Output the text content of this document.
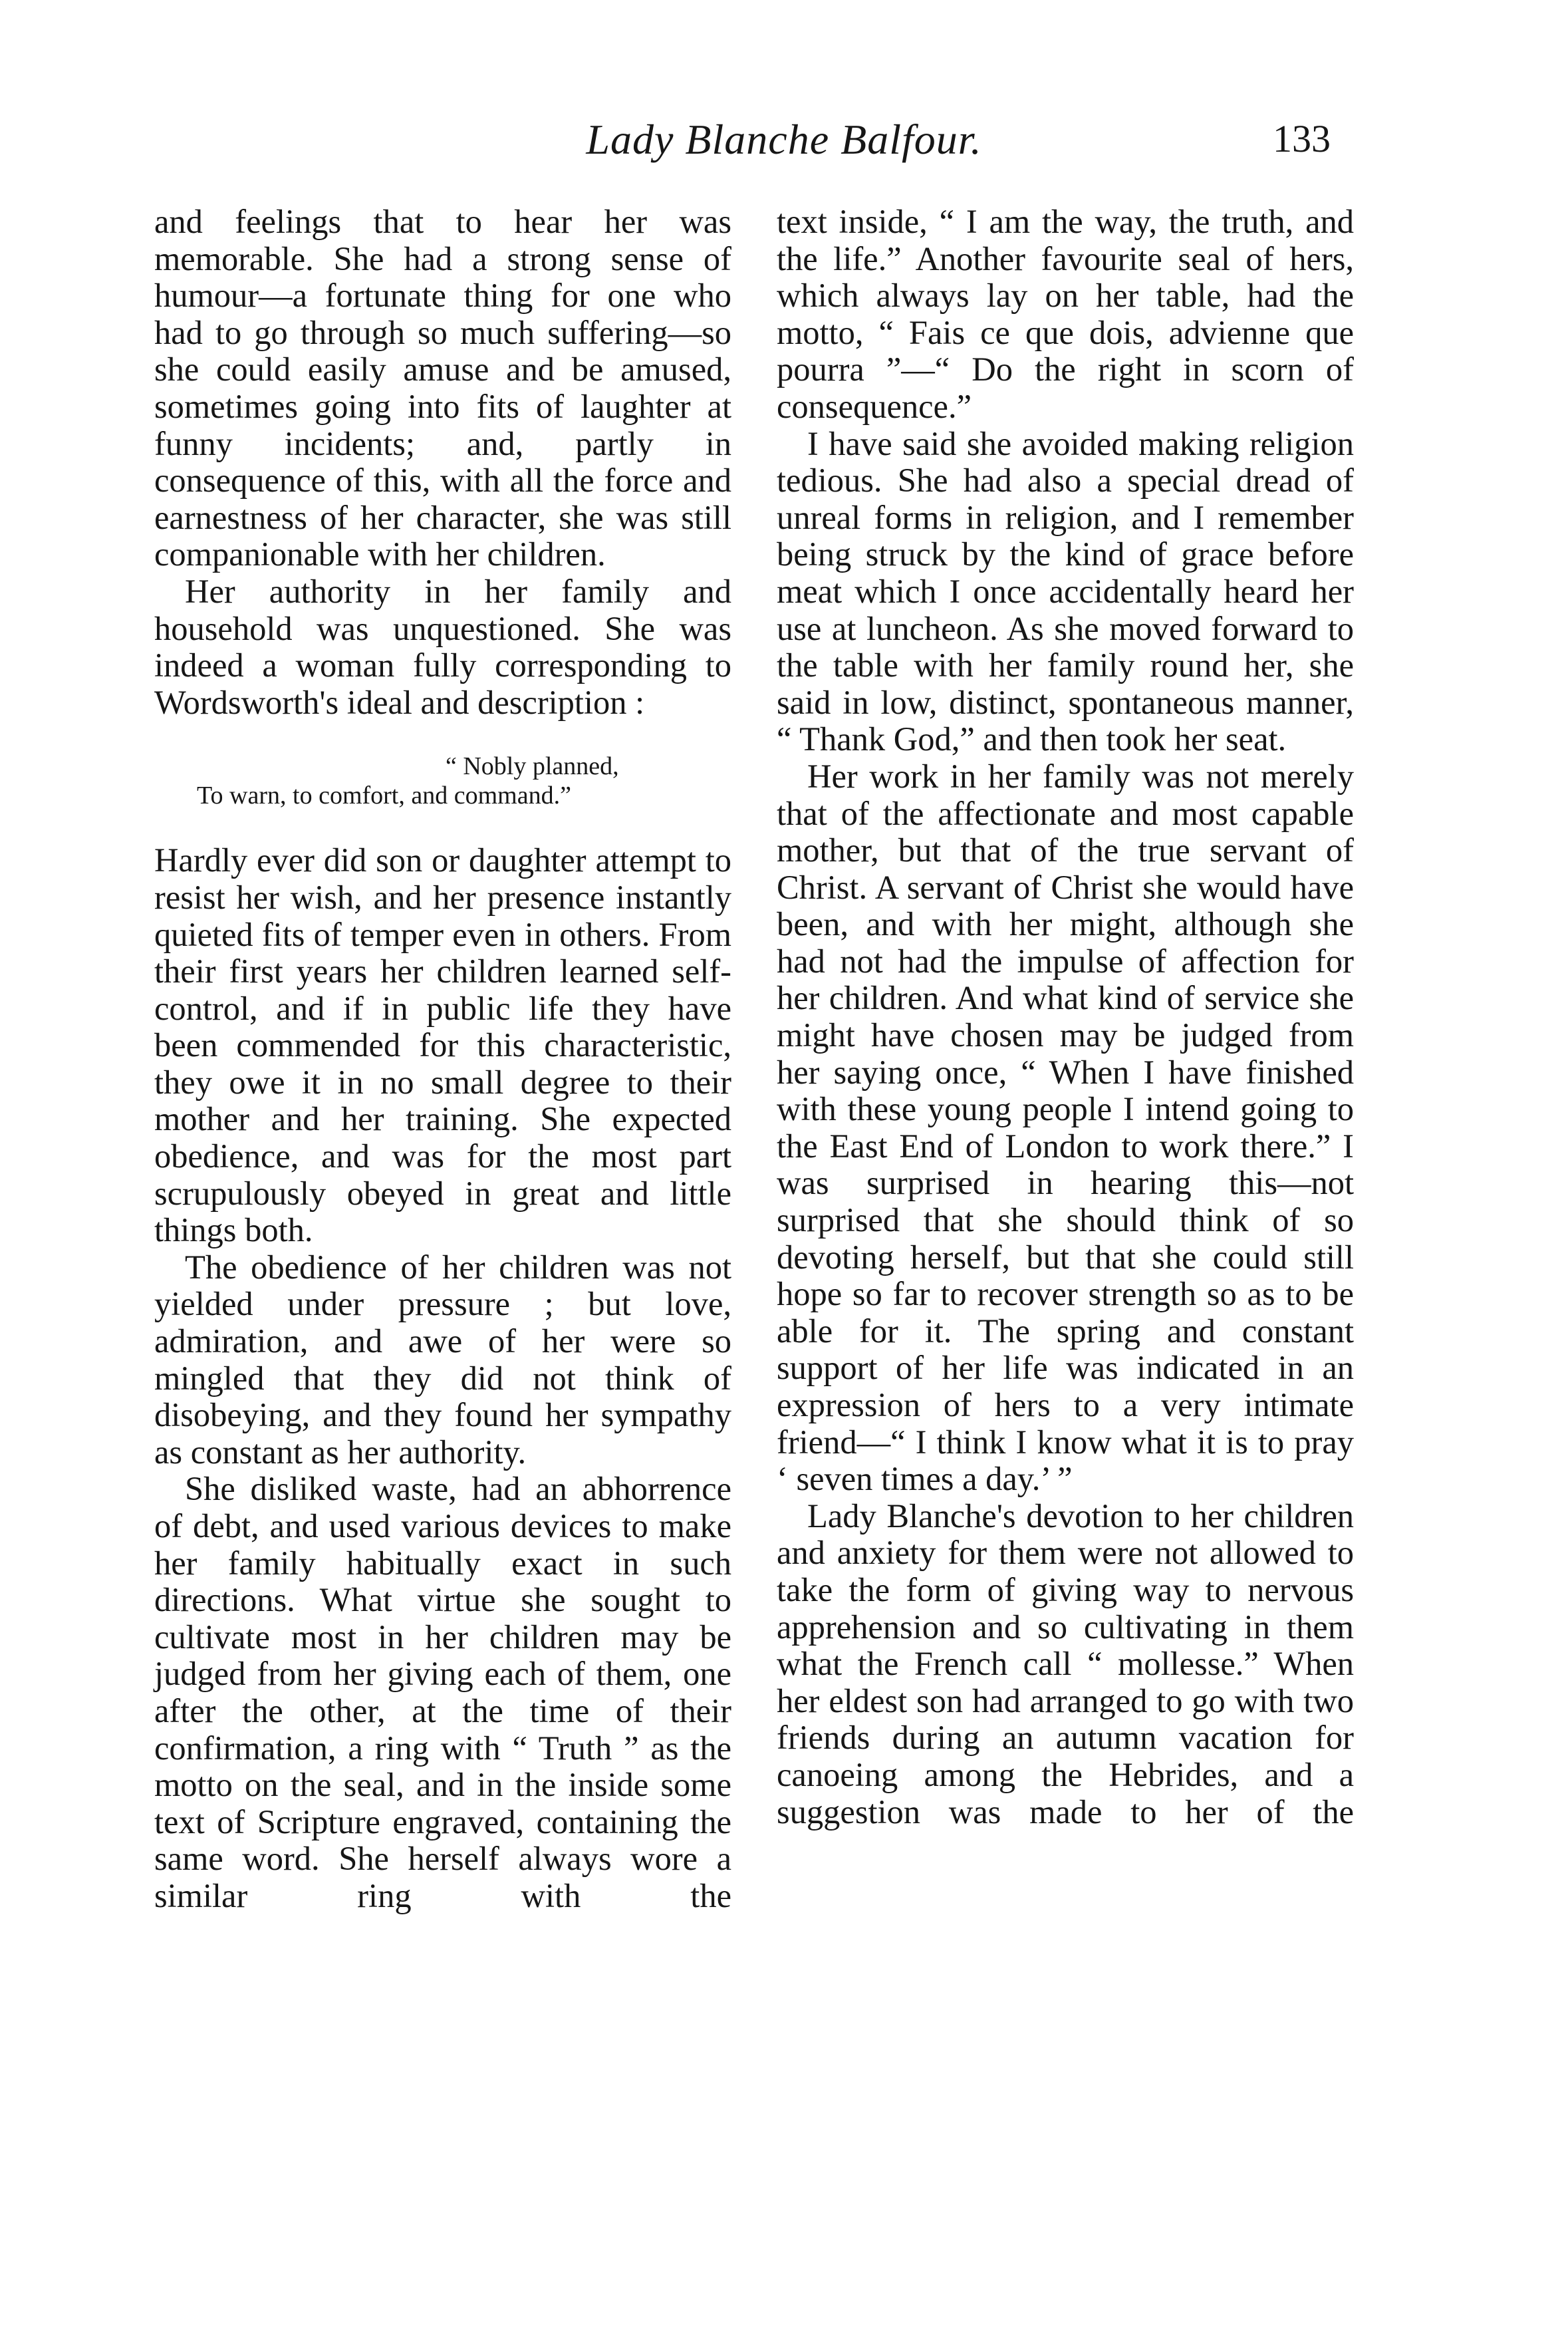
Lady Blanche Balfour.	133

and feelings that to hear her was memorable. She had a strong sense of humour—a fortunate thing for one who had to go through so much suffering—so she could easily amuse and be amused, sometimes going into fits of laughter at funny incidents; and, partly in consequence of this, with all the force and earnestness of her character, she was still companionable with her children.

Her authority in her family and household was unquestioned. She was indeed a woman fully corresponding to Wordsworth's ideal and description :

“ Nobly planned,
To warn, to comfort, and command.”

Hardly ever did son or daughter attempt to resist her wish, and her presence instantly quieted fits of temper even in others. From their first years her children learned self-control, and if in public life they have been commended for this characteristic, they owe it in no small degree to their mother and her training. She expected obedience, and was for the most part scrupulously obeyed in great and little things both.

The obedience of her children was not yielded under pressure ; but love, admiration, and awe of her were so mingled that they did not think of disobeying, and they found her sympathy as constant as her authority.

She disliked waste, had an abhorrence of debt, and used various devices to make her family habitually exact in such directions. What virtue she sought to cultivate most in her children may be judged from her giving each of them, one after the other, at the time of their confirmation, a ring with “ Truth ” as the motto on the seal, and in the inside some text of Scripture engraved, containing the same word. She herself always wore a similar ring with the

text inside, “ I am the way, the truth, and the life.” Another favourite seal of hers, which always lay on her table, had the motto, “ Fais ce que dois, advienne que pourra ”—“ Do the right in scorn of consequence.”

I have said she avoided making religion tedious. She had also a special dread of unreal forms in religion, and I remember being struck by the kind of grace before meat which I once accidentally heard her use at luncheon. As she moved forward to the table with her family round her, she said in low, distinct, spontaneous manner, “ Thank God,” and then took her seat.

Her work in her family was not merely that of the affectionate and most capable mother, but that of the true servant of Christ. A servant of Christ she would have been, and with her might, although she had not had the impulse of affection for her children. And what kind of service she might have chosen may be judged from her saying once, “ When I have finished with these young people I intend going to the East End of London to work there.” I was surprised in hearing this—not surprised that she should think of so devoting herself, but that she could still hope so far to recover strength so as to be able for it. The spring and constant support of her life was indicated in an expression of hers to a very intimate friend—“ I think I know what it is to pray ‘ seven times a day.’ ”

Lady Blanche's devotion to her children and anxiety for them were not allowed to take the form of giving way to nervous apprehension and so cultivating in them what the French call “ mollesse.” When her eldest son had arranged to go with two friends during an autumn vacation for canoeing among the Hebrides, and a suggestion was made to her of the
